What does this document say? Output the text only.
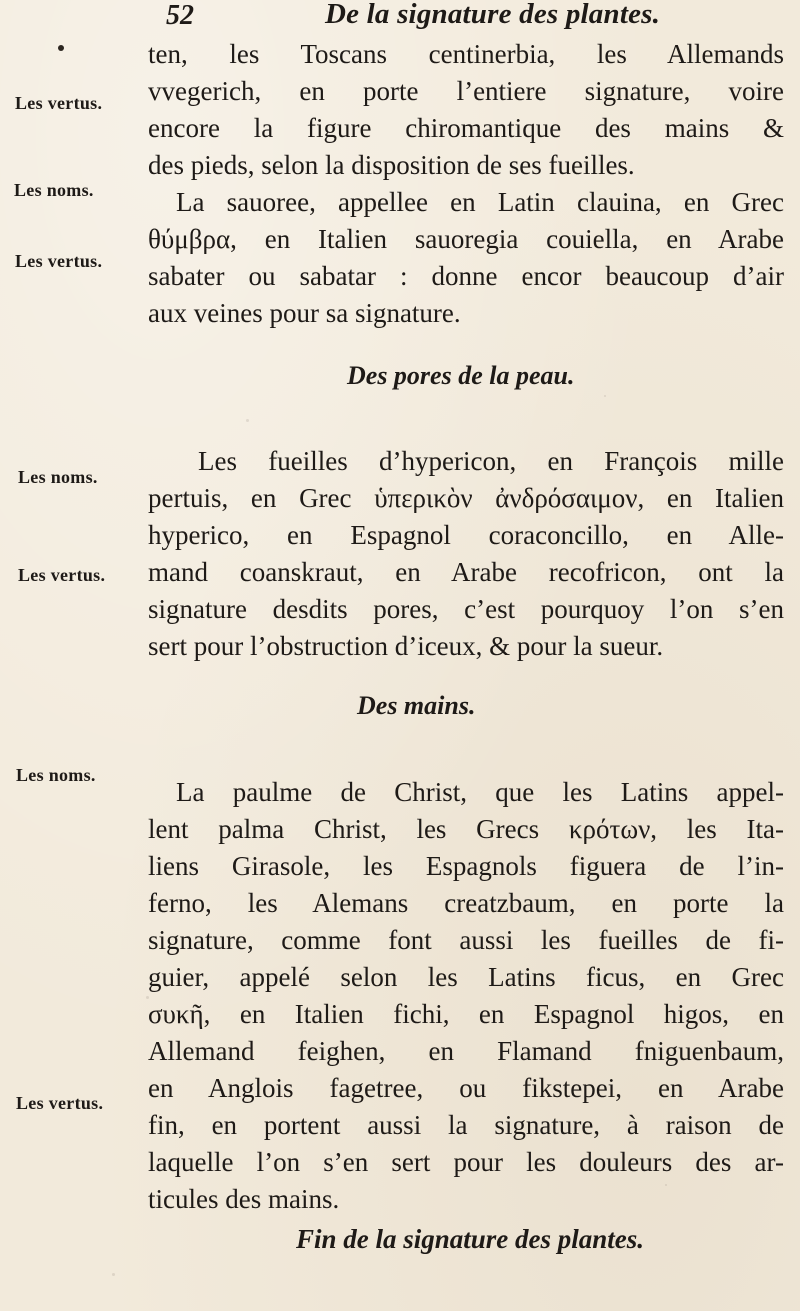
52	De la signature des plantes.
Les vertus.
Les noms.
Les vertus.
Les noms.
Les vertus.
Les noms.
Les vertus.
ten, les Toscans centinerbia, les Allemands
vvegerich, en porte l’entiere signature, voire
encore la figure chiromantique des mains &
des pieds, selon la disposition de ses fueilles.
La sauoree, appellee en Latin clauina, en Grec
θύμβρα, en Italien sauoregia couiella, en Arabe
sabater ou sabatar : donne encor beaucoup d’air
aux veines pour sa signature.
Les fueilles d’hypericon, en François mille
pertuis, en Grec ὑπερικὸν ἀνδρόσαιμον, en Italien
hyperico, en Espagnol coraconcillo, en Alle-
mand coanskraut, en Arabe recofricon, ont la
signature desdits pores, c’est pourquoy l’on s’en
sert pour l’obstruction d’iceux, & pour la sueur.
La paulme de Christ, que les Latins appel-
lent palma Christ, les Grecs κρότων, les Ita-
liens Girasole, les Espagnols figuera de l’in-
ferno, les Alemans creatzbaum, en porte la
signature, comme font aussi les fueilles de fi-
guier, appelé selon les Latins ficus, en Grec
συκῆ, en Italien fichi, en Espagnol higos, en
Allemand feighen, en Flamand fniguenbaum,
en Anglois fagetree, ou fikstepei, en Arabe
fin, en portent aussi la signature, à raison de
laquelle l’on s’en sert pour les douleurs des ar-
ticules des mains.
Des pores de la peau.
Des mains.
Fin de la signature des plantes.
